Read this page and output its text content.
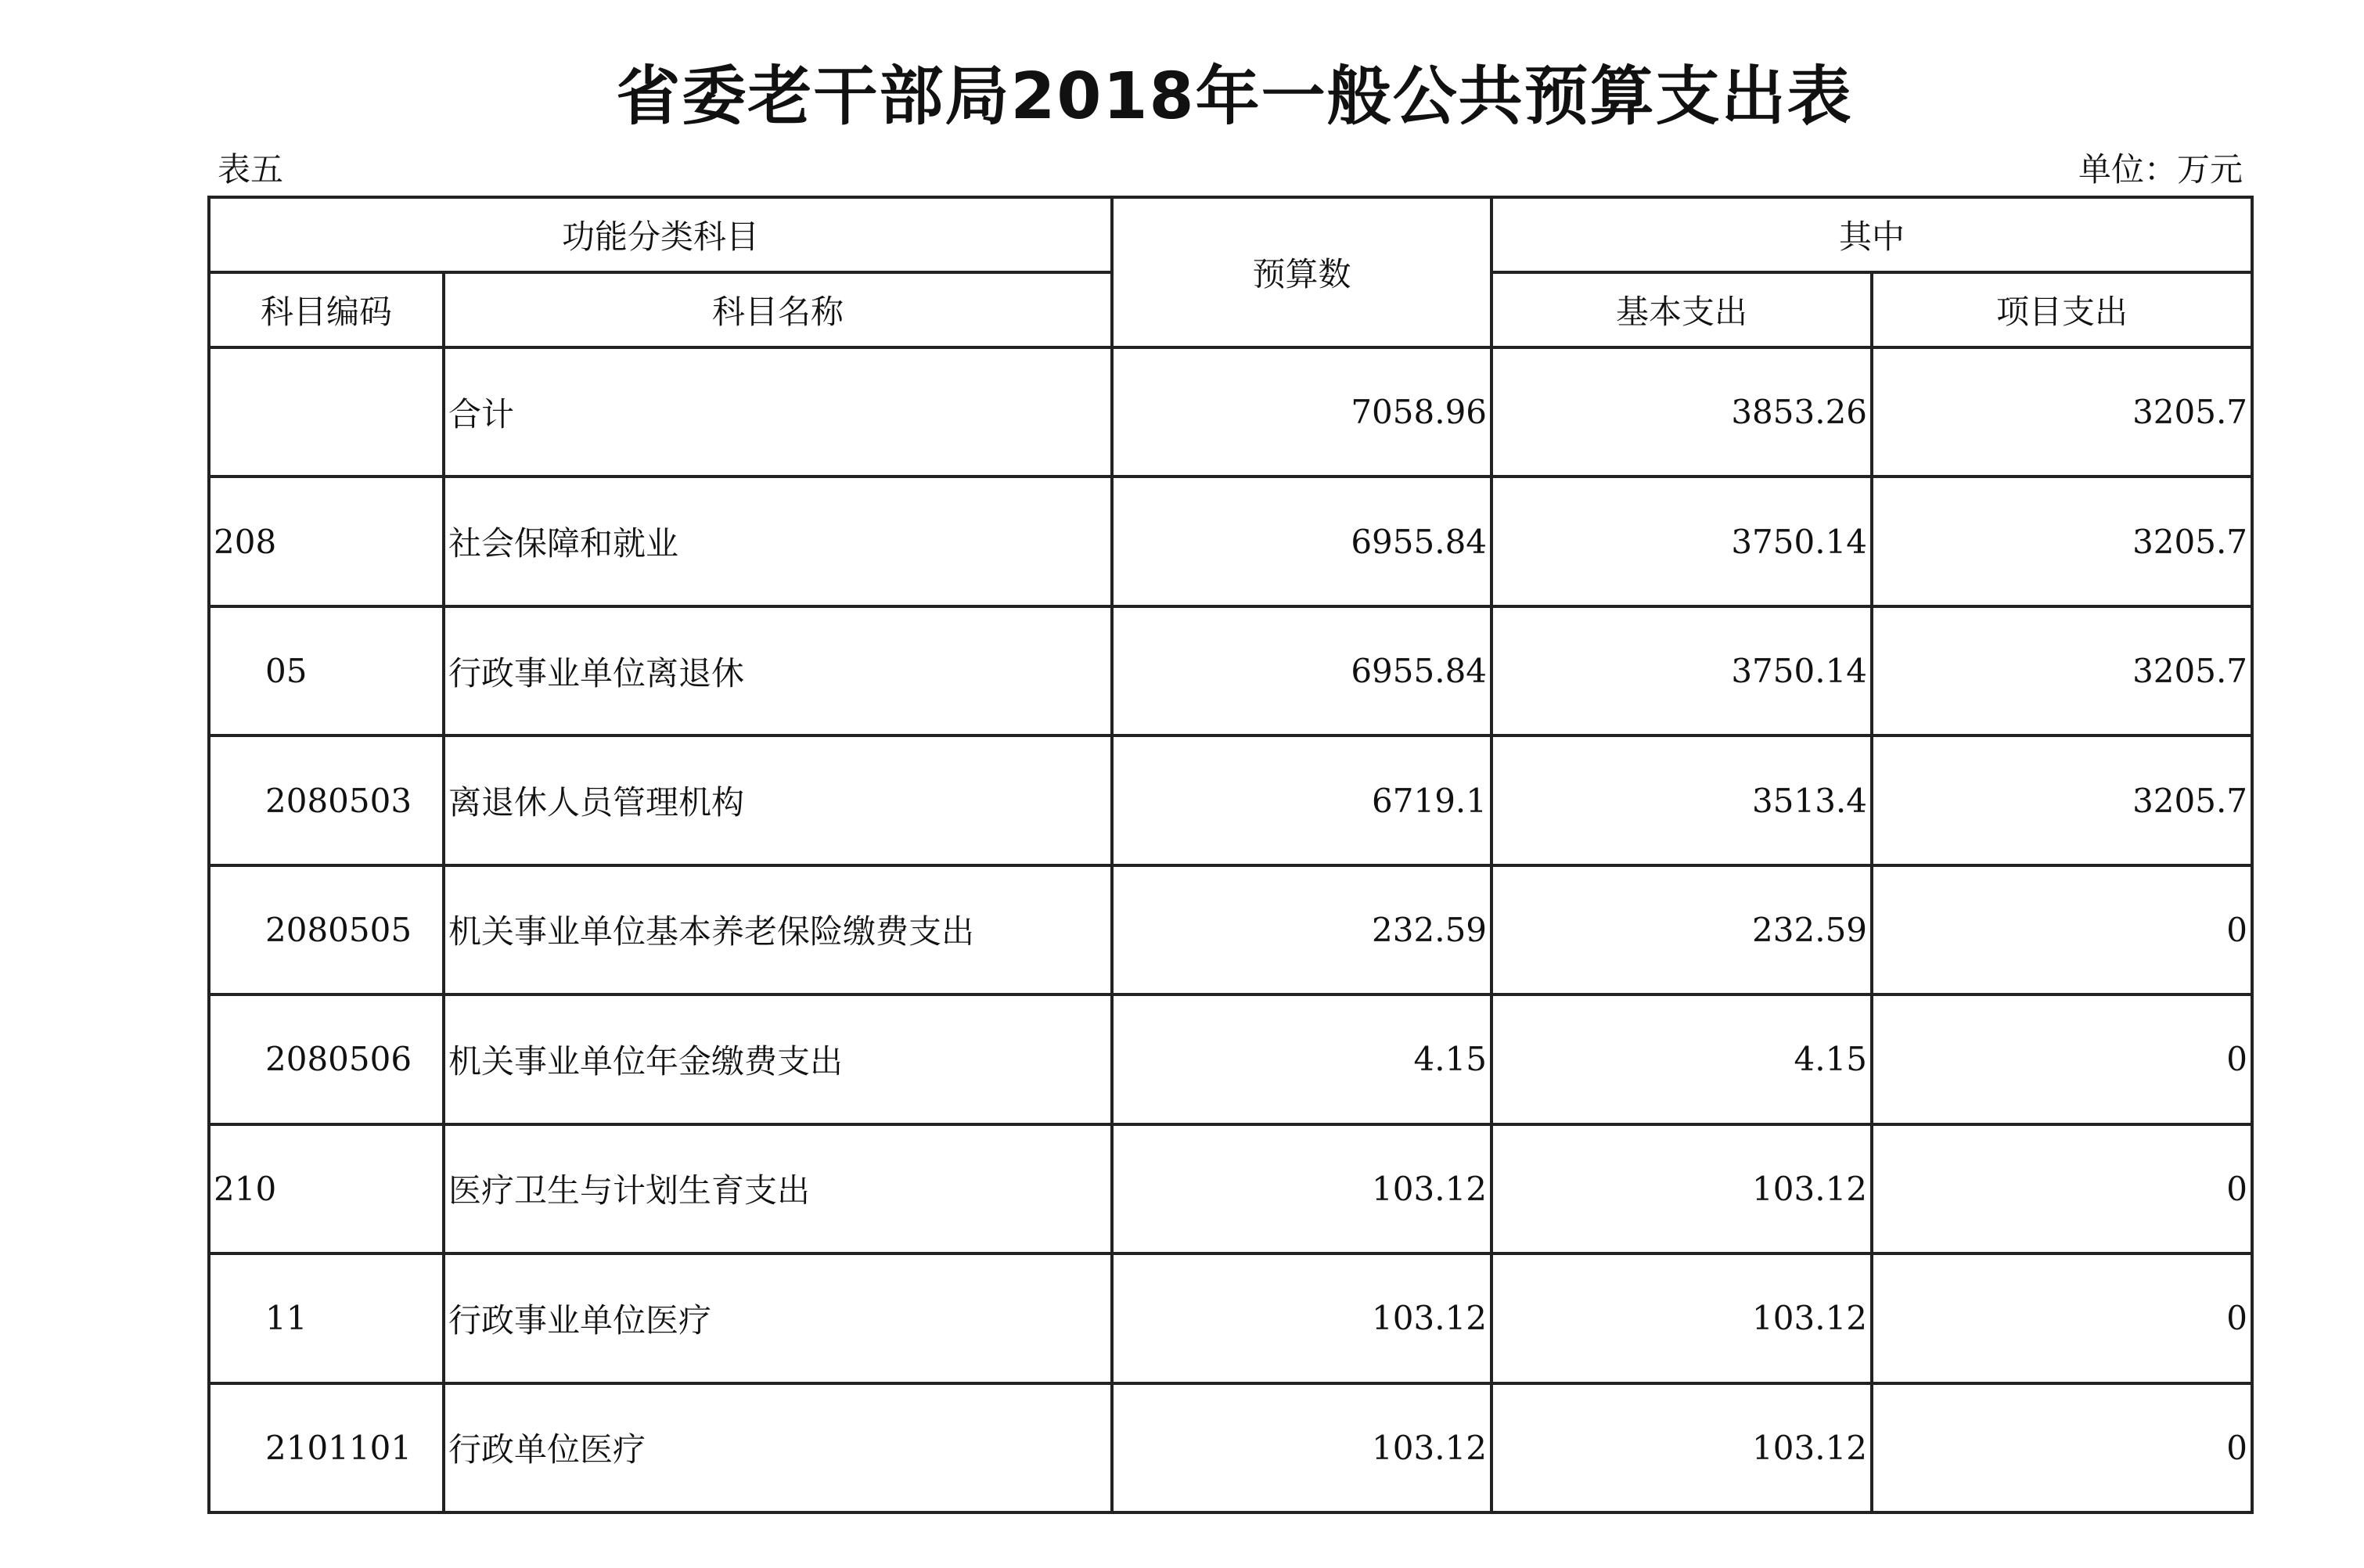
省委老干部局2018年一般公共预算支出表
表五	单位：万元
功能分类科目		预算数	其中	
科目编码	科目名称		基本支出	项目支出
	合计	7058.96	3853.26	3205.7
208	社会保障和就业	6955.84	3750.14	3205.7
05	行政事业单位离退休	6955.84	3750.14	3205.7
2080503	离退休人员管理机构	6719.1	3513.4	3205.7
2080505	机关事业单位基本养老保险缴费支出	232.59	232.59	0
2080506	机关事业单位年金缴费支出	4.15	4.15	0
210	医疗卫生与计划生育支出	103.12	103.12	0
11	行政事业单位医疗	103.12	103.12	0
2101101	行政单位医疗	103.12	103.12	0
